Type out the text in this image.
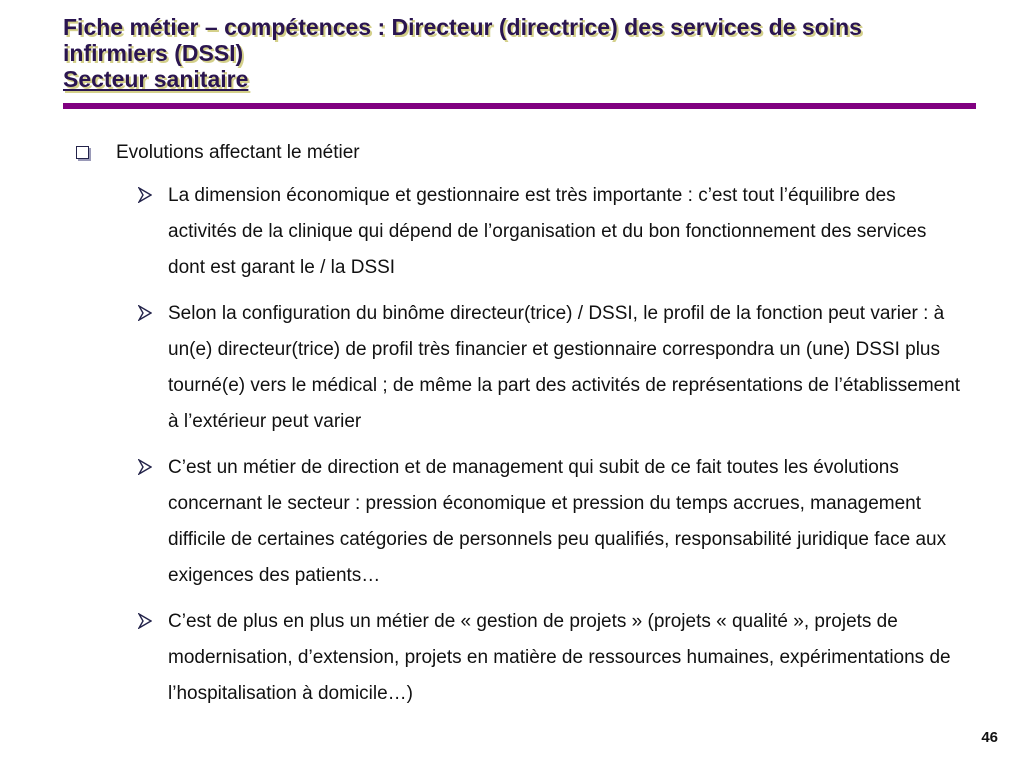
Fiche métier – compétences : Directeur (directrice) des services de soins
infirmiers (DSSI)
Secteur sanitaire
Evolutions affectant le métier
La dimension économique et gestionnaire est très importante : c’est tout l’équilibre des activités de la clinique qui dépend de l’organisation et du bon fonctionnement des services dont est garant le / la DSSI
Selon la configuration du binôme directeur(trice) / DSSI, le profil de la fonction peut varier : à un(e) directeur(trice) de profil très financier et gestionnaire correspondra un (une) DSSI plus tourné(e) vers le médical ; de même la part des activités de représentations de l’établissement à l’extérieur peut varier
C’est un métier de direction et de management qui subit de ce fait toutes les évolutions concernant le secteur : pression économique et pression du temps accrues, management difficile de certaines catégories de personnels peu qualifiés, responsabilité juridique face aux exigences des patients…
C’est de plus en plus un métier de « gestion de projets » (projets « qualité », projets de modernisation, d’extension, projets en matière de ressources humaines, expérimentations de l’hospitalisation à domicile…)
46
